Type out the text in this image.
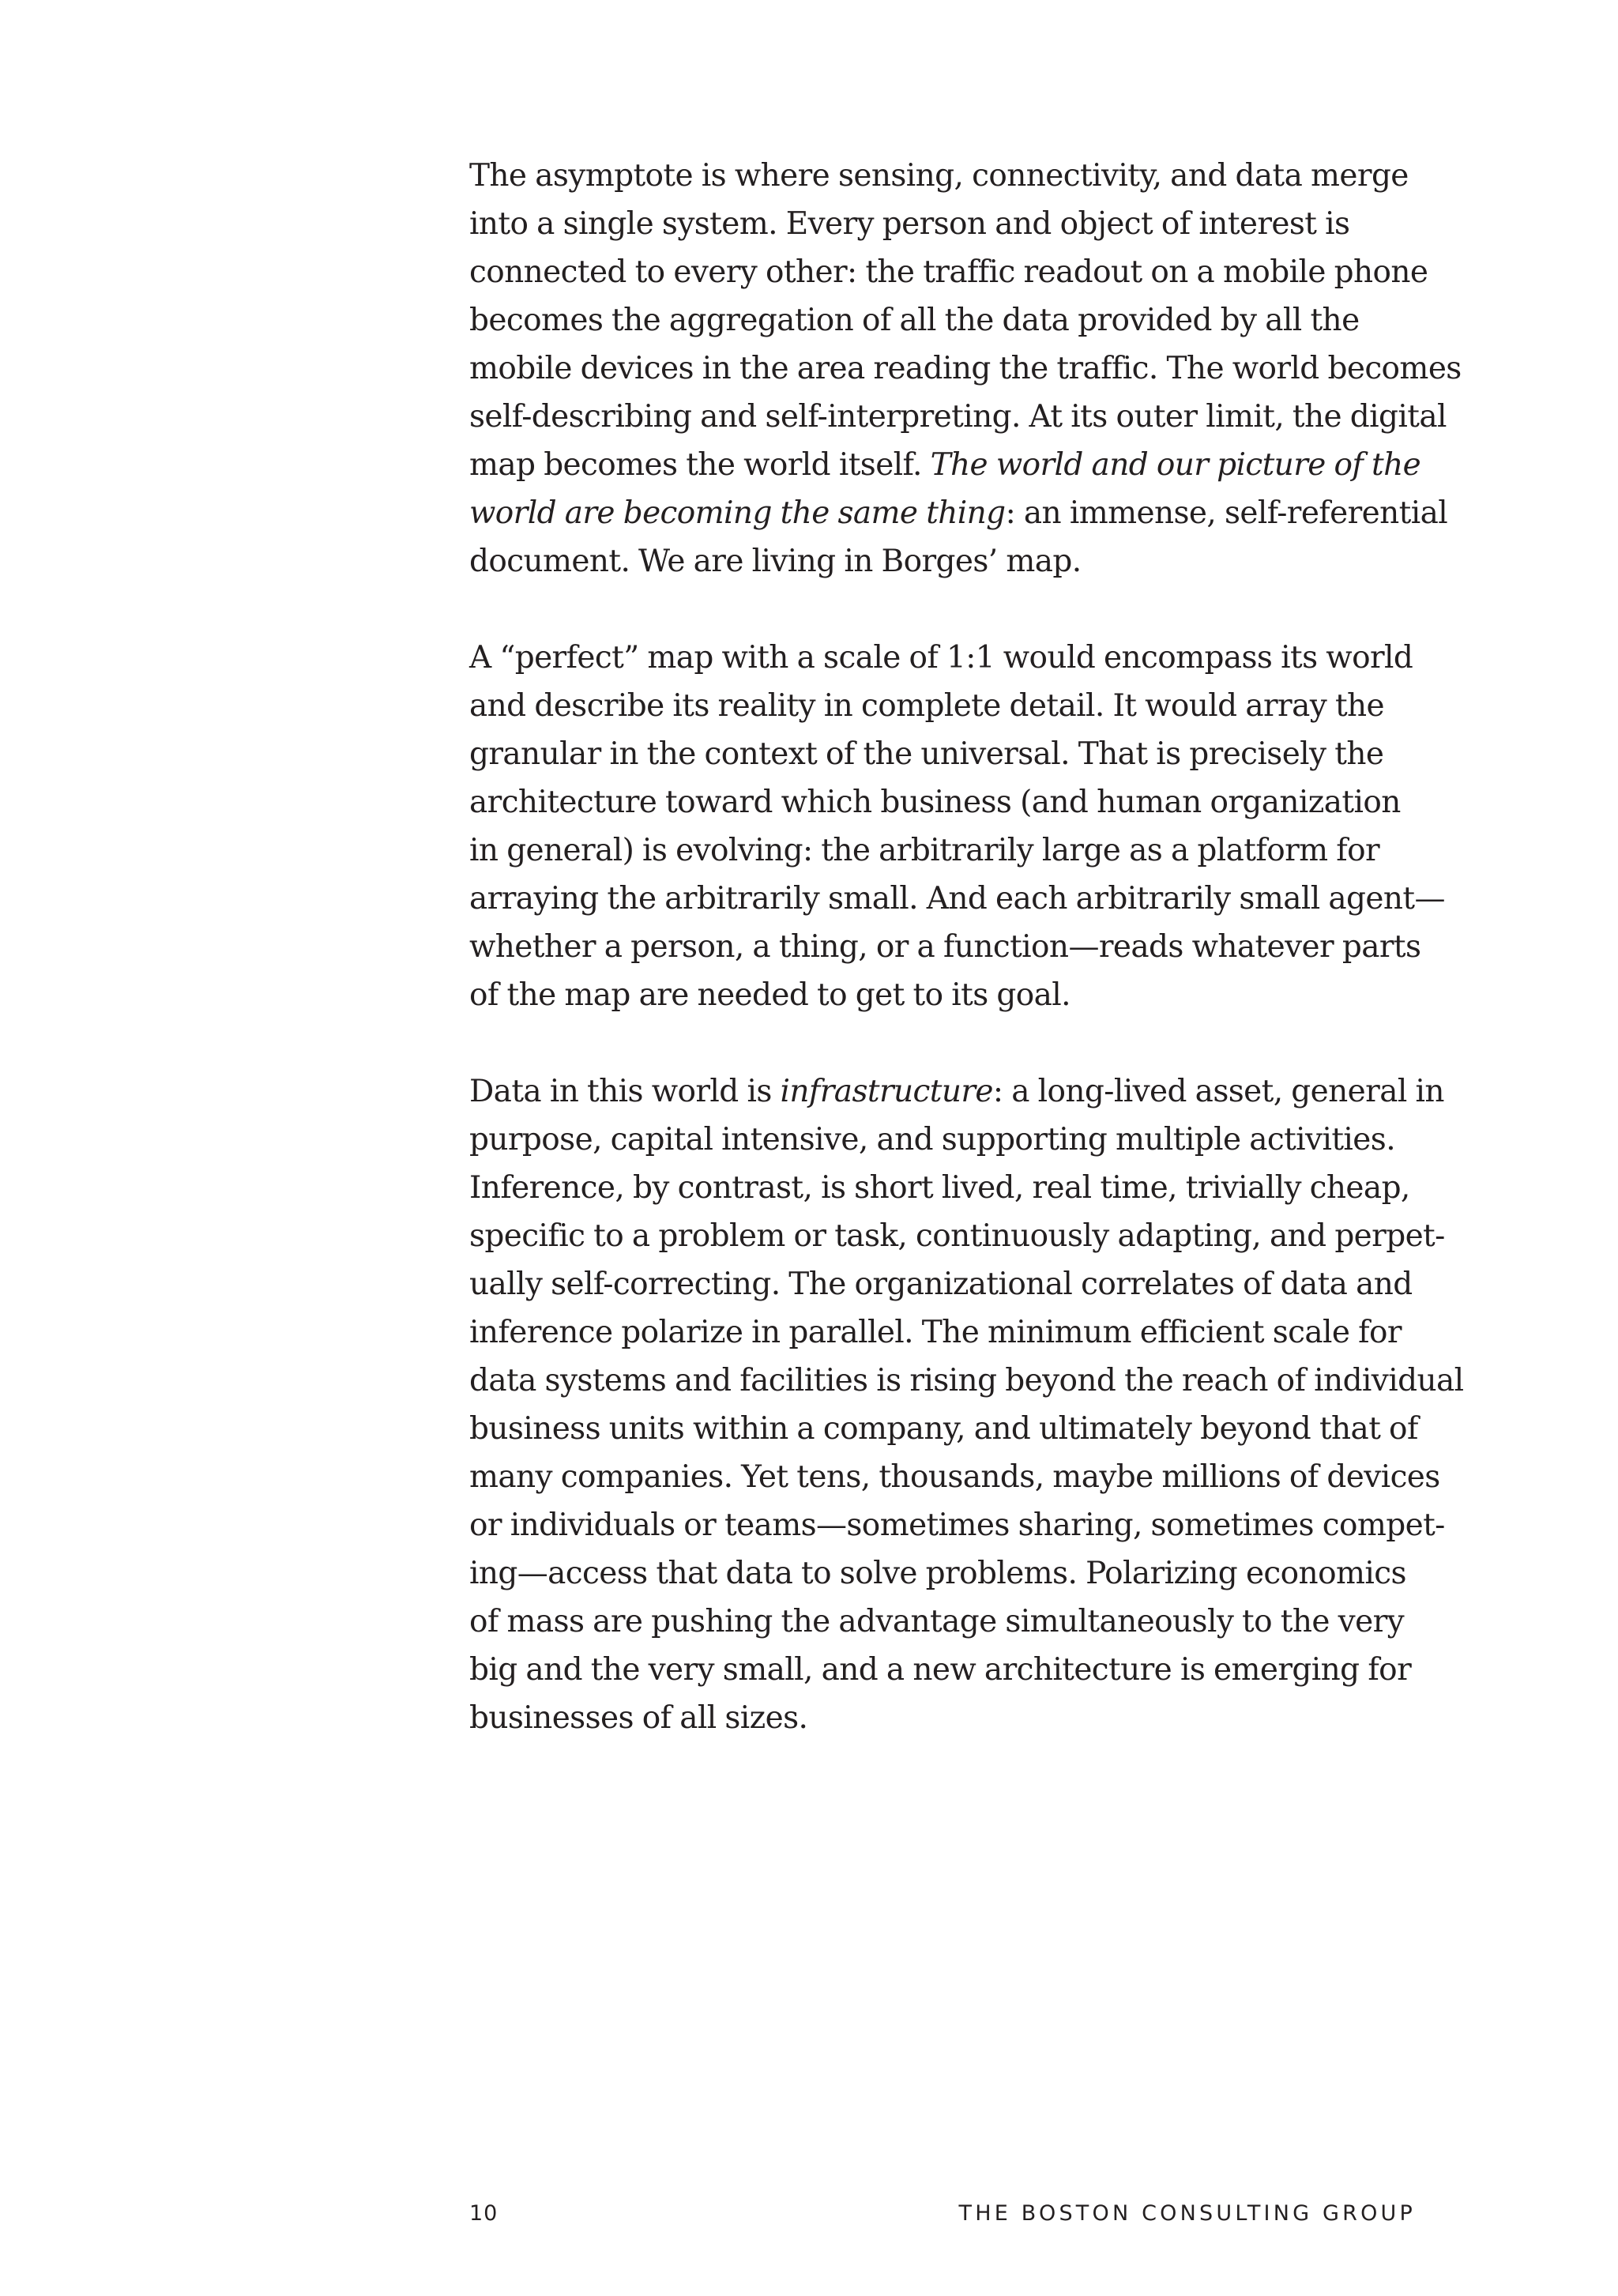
The asymptote is where sensing, connectivity, and data merge
into a single system. Every person and object of interest is
connected to every other: the traffic readout on a mobile phone
becomes the aggregation of all the data provided by all the
mobile devices in the area reading the traffic. The world becomes
self-describing and self-interpreting. At its outer limit, the digital
map becomes the world itself. The world and our picture of the
world are becoming the same thing: an immense, self-referential
document. We are living in Borges’ map.

A “perfect” map with a scale of 1:1 would encompass its world
and describe its reality in complete detail. It would array the
granular in the context of the universal. That is precisely the
architecture toward which business (and human organization
in general) is evolving: the arbitrarily large as a platform for
arraying the arbitrarily small. And each arbitrarily small agent—
whether a person, a thing, or a function—reads whatever parts
of the map are needed to get to its goal.

Data in this world is infrastructure: a long-lived asset, general in
purpose, capital intensive, and supporting multiple activities.
Inference, by contrast, is short lived, real time, trivially cheap,
specific to a problem or task, continuously adapting, and perpet-
ually self-correcting. The organizational correlates of data and
inference polarize in parallel. The minimum efficient scale for
data systems and facilities is rising beyond the reach of individual
business units within a company, and ultimately beyond that of
many companies. Yet tens, thousands, maybe millions of devices
or individuals or teams—sometimes sharing, sometimes compet-
ing—access that data to solve problems. Polarizing economics
of mass are pushing the advantage simultaneously to the very
big and the very small, and a new architecture is emerging for
businesses of all sizes.

10	THE BOSTON CONSULTING GROUP
